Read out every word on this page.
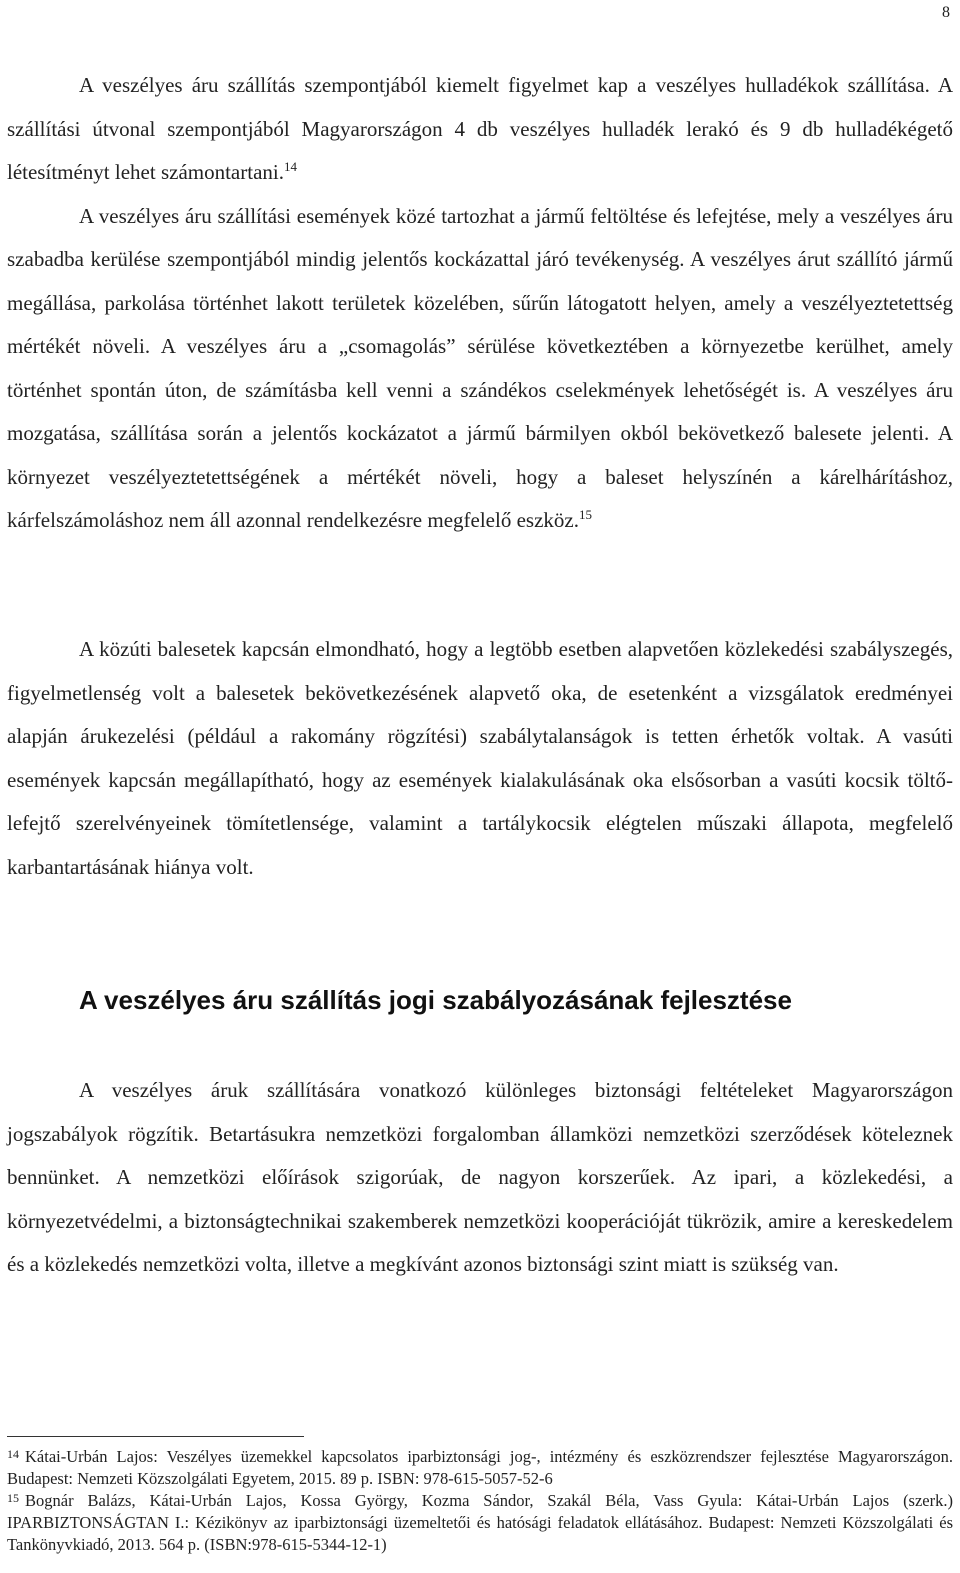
8

A veszélyes áru szállítás szempontjából kiemelt figyelmet kap a veszélyes hulladékok szállítása. A szállítási útvonal szempontjából Magyarországon 4 db veszélyes hulladék lerakó és 9 db hulladékégető létesítményt lehet számontartani.$^{14}$

A veszélyes áru szállítási események közé tartozhat a jármű feltöltése és lefejtése, mely a veszélyes áru szabadba kerülése szempontjából mindig jelentős kockázattal járó tevékenység. A veszélyes árut szállító jármű megállása, parkolása történhet lakott területek közelében, sűrűn látogatott helyen, amely a veszélyeztetettség mértékét növeli. A veszélyes áru a „csomagolás” sérülése következtében a környezetbe kerülhet, amely történhet spontán úton, de számításba kell venni a szándékos cselekmények lehetőségét is. A veszélyes áru mozgatása, szállítása során a jelentős kockázatot a jármű bármilyen okból bekövetkező balesete jelenti. A környezet veszélyeztetettségének a mértékét növeli, hogy a baleset helyszínén a kárelhárításhoz, kárfelszámoláshoz nem áll azonnal rendelkezésre megfelelő eszköz.$^{15}$

A közúti balesetek kapcsán elmondható, hogy a legtöbb esetben alapvetően közlekedési szabályszegés, figyelmetlenség volt a balesetek bekövetkezésének alapvető oka, de esetenként a vizsgálatok eredményei alapján árukezelési (például a rakomány rögzítési) szabálytalanságok is tetten érhetők voltak. A vasúti események kapcsán megállapítható, hogy az események kialakulásának oka elsősorban a vasúti kocsik töltő-lefejtő szerelvényeinek tömítetlensége, valamint a tartálykocsik elégtelen műszaki állapota, megfelelő karbantartásának hiánya volt.

A veszélyes áru szállítás jogi szabályozásának fejlesztése

A veszélyes áruk szállítására vonatkozó különleges biztonsági feltételeket Magyarországon jogszabályok rögzítik. Betartásukra nemzetközi forgalomban államközi nemzetközi szerződések köteleznek bennünket. A nemzetközi előírások szigorúak, de nagyon korszerűek. Az ipari, a közlekedési, a környezetvédelmi, a biztonságtechnikai szakemberek nemzetközi kooperációját tükrözik, amire a kereskedelem és a közlekedés nemzetközi volta, illetve a megkívánt azonos biztonsági szint miatt is szükség van.

$^{14}$ Kátai-Urbán Lajos: Veszélyes üzemekkel kapcsolatos iparbiztonsági jog-, intézmény és eszközrendszer fejlesztése Magyarországon. Budapest: Nemzeti Közszolgálati Egyetem, 2015. 89 p. ISBN: 978-615-5057-52-6

$^{15}$ Bognár Balázs, Kátai-Urbán Lajos, Kossa György, Kozma Sándor, Szakál Béla, Vass Gyula: Kátai-Urbán Lajos (szerk.) IPARBIZTONSÁGTAN I.: Kézikönyv az iparbiztonsági üzemeltetői és hatósági feladatok ellátásához. Budapest: Nemzeti Közszolgálati és Tankönyvkiadó, 2013. 564 p. (ISBN:978-615-5344-12-1)
